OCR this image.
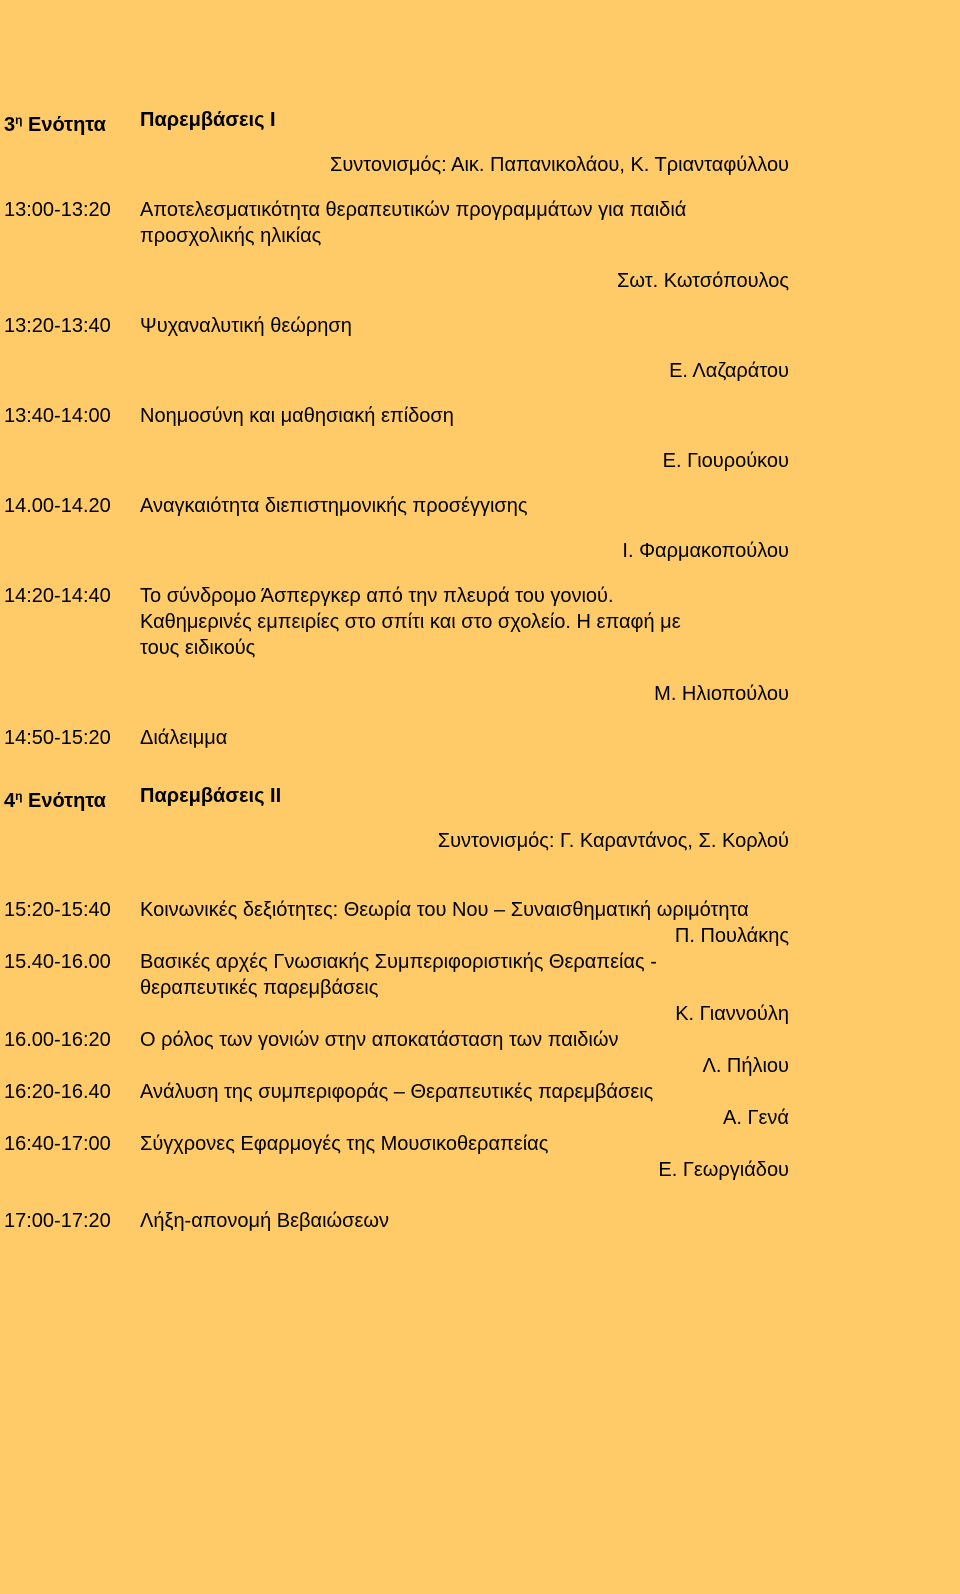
$3^\eta$ Ενότητα Παρεμβάσεις Ι
Συντονισμός: Αικ. Παπανικολάου, Κ. Τριανταφύλλου
13:00-13:20 Αποτελεσματικότητα θεραπευτικών προγραμμάτων για παιδιά
προσχολικής ηλικίας
Σωτ. Κωτσόπουλος
13:20-13:40 Ψυχαναλυτική θεώρηση
Ε. Λαζαράτου
13:40-14:00 Νοημοσύνη και μαθησιακή επίδοση
Ε. Γιουρούκου
14.00-14.20 Αναγκαιότητα διεπιστημονικής προσέγγισης
Ι. Φαρμακοπούλου
14:20-14:40 Το σύνδρομο Άσπεργκερ από την πλευρά του γονιού.
Καθημερινές εμπειρίες στο σπίτι και στο σχολείο. Η επαφή με
τους ειδικούς
Μ. Ηλιοπούλου
14:50-15:20 Διάλειμμα
$4^\eta$ Ενότητα Παρεμβάσεις ΙΙ
Συντονισμός: Γ. Καραντάνος, Σ. Κορλού
15:20-15:40 Κοινωνικές δεξιότητες: Θεωρία του Νου – Συναισθηματική ωριμότητα
Π. Πουλάκης
15.40-16.00 Βασικές αρχές Γνωσιακής Συμπεριφοριστικής Θεραπείας -
θεραπευτικές παρεμβάσεις
Κ. Γιαννούλη
16.00-16:20 Ο ρόλος των γονιών στην αποκατάσταση των παιδιών
Λ. Πήλιου
16:20-16.40 Ανάλυση της συμπεριφοράς – Θεραπευτικές παρεμβάσεις
Α. Γενά
16:40-17:00 Σύγχρονες Εφαρμογές της Μουσικοθεραπείας
Ε. Γεωργιάδου
17:00-17:20 Λήξη-απονομή Βεβαιώσεων
